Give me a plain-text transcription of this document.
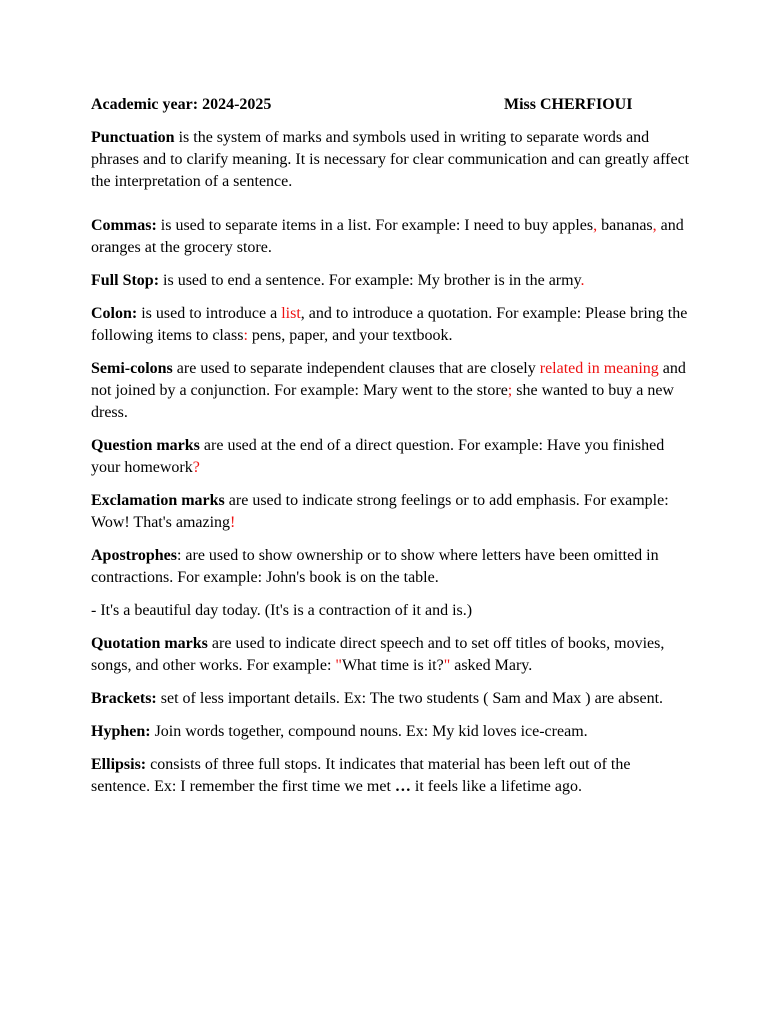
Academic year: 2024-2025	Miss CHERFIOUI

Punctuation is the system of marks and symbols used in writing to separate words and phrases and to clarify meaning. It is necessary for clear communication and can greatly affect the interpretation of a sentence.

Commas: is used to separate items in a list. For example: I need to buy apples, bananas, and oranges at the grocery store.

Full Stop: is used to end a sentence. For example: My brother is in the army.

Colon: is used to introduce a list, and to introduce a quotation. For example: Please bring the following items to class: pens, paper, and your textbook.

Semi-colons are used to separate independent clauses that are closely related in meaning and not joined by a conjunction. For example: Mary went to the store; she wanted to buy a new dress.

Question marks are used at the end of a direct question. For example: Have you finished your homework?

Exclamation marks are used to indicate strong feelings or to add emphasis. For example: Wow! That's amazing!

Apostrophes: are used to show ownership or to show where letters have been omitted in contractions. For example: John's book is on the table.

- It's a beautiful day today. (It's is a contraction of it and is.)

Quotation marks are used to indicate direct speech and to set off titles of books, movies, songs, and other works. For example: "What time is it?" asked Mary.

Brackets: set of less important details. Ex: The two students ( Sam and Max ) are absent.

Hyphen: Join words together, compound nouns. Ex: My kid loves ice-cream.

Ellipsis: consists of three full stops. It indicates that material has been left out of the sentence. Ex: I remember the first time we met … it feels like a lifetime ago.
